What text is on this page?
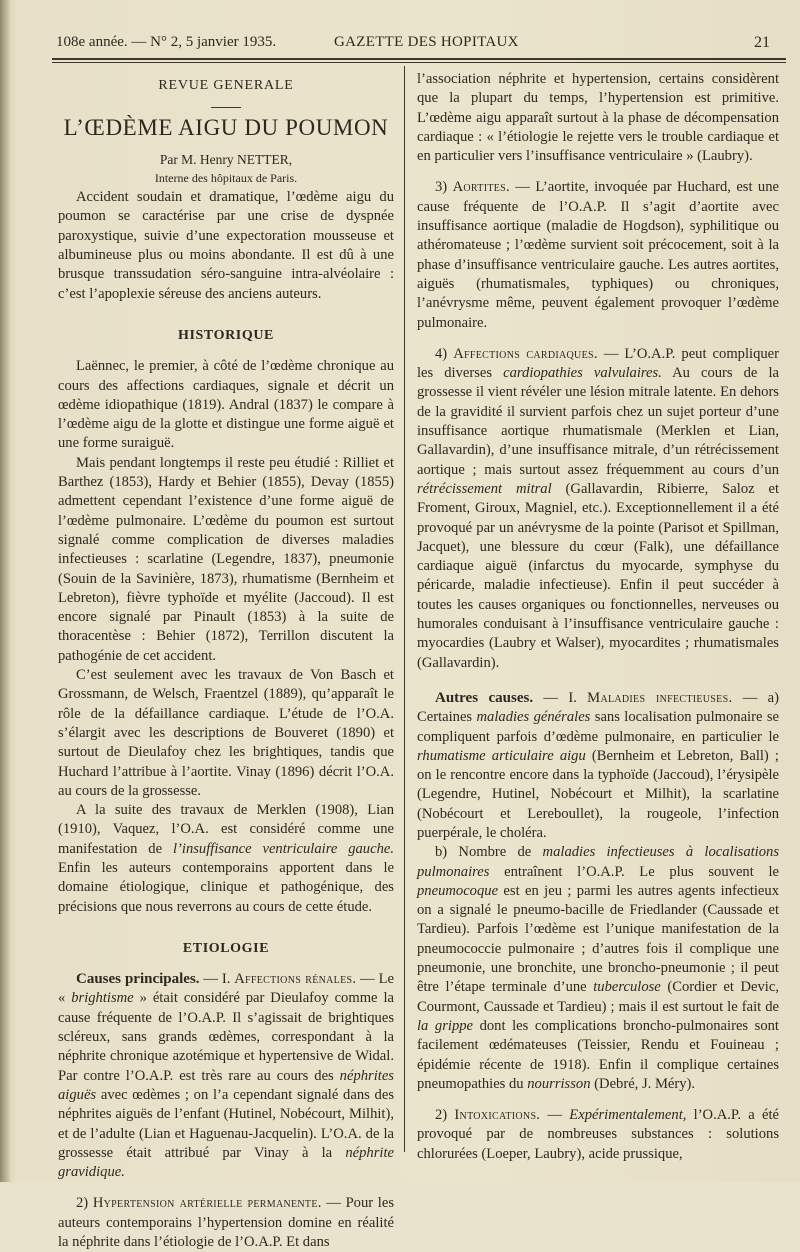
108e année. — N° 2, 5 janvier 1935.	GAZETTE DES HOPITAUX	21
REVUE GENERALE
L’ŒDÈME AIGU DU POUMON

Par M. Henry NETTER,

Interne des hôpitaux de Paris.

Accident soudain et dramatique, l’œdème aigu du poumon se caractérise par une crise de dyspnée paroxystique, suivie d’une expectoration mousseuse et albumineuse plus ou moins abondante. Il est dû à une brusque transsudation séro-sanguine intra-alvéolaire : c’est l’apoplexie séreuse des anciens auteurs.

HISTORIQUE

Laënnec, le premier, à côté de l’œdème chronique au cours des affections cardiaques, signale et décrit un œdème idiopathique (1819). Andral (1837) le compare à l’œdème aigu de la glotte et distingue une forme aiguë et une forme suraiguë.

Mais pendant longtemps il reste peu étudié : Rilliet et Barthez (1853), Hardy et Behier (1855), Devay (1855) admettent cependant l’existence d’une forme aiguë de l’œdème pulmonaire. L’œdème du poumon est surtout signalé comme complication de diverses maladies infectieuses : scarlatine (Legendre, 1837), pneumonie (Souin de la Savinière, 1873), rhumatisme (Bernheim et Lebreton), fièvre typhoïde et myélite (Jaccoud). Il est encore signalé par Pinault (1853) à la suite de thoracentèse : Behier (1872), Terrillon discutent la pathogénie de cet accident.

C’est seulement avec les travaux de Von Basch et Grossmann, de Welsch, Fraentzel (1889), qu’apparaît le rôle de la défaillance cardiaque. L’étude de l’O.A. s’élargit avec les descriptions de Bouveret (1890) et surtout de Dieulafoy chez les brightiques, tandis que Huchard l’attribue à l’aortite. Vinay (1896) décrit l’O.A. au cours de la grossesse.

A la suite des travaux de Merklen (1908), Lian (1910), Vaquez, l’O.A. est considéré comme une manifestation de l’insuffisance ventriculaire gauche. Enfin les auteurs contemporains apportent dans le domaine étiologique, clinique et pathogénique, des précisions que nous reverrons au cours de cette étude.

ETIOLOGIE

Causes principales. — I. Affections rénales. — Le « brightisme » était considéré par Dieulafoy comme la cause fréquente de l’O.A.P. Il s’agissait de brightiques scléreux, sans grands œdèmes, correspondant à la néphrite chronique azotémique et hypertensive de Widal. Par contre l’O.A.P. est très rare au cours des néphrites aiguës avec œdèmes ; on l’a cependant signalé dans des néphrites aiguës de l’enfant (Hutinel, Nobécourt, Milhit), et de l’adulte (Lian et Haguenau-Jacquelin). L’O.A. de la grossesse était attribué par Vinay à la néphrite gravidique.

2) Hypertension artérielle permanente. — Pour les auteurs contemporains l’hypertension domine en réalité la néphrite dans l’étiologie de l’O.A.P. Et dans

l’association néphrite et hypertension, certains considèrent que la plupart du temps, l’hypertension est primitive. L’œdème aigu apparaît surtout à la phase de décompensation cardiaque : « l’étiologie le rejette vers le trouble cardiaque et en particulier vers l’insuffisance ventriculaire » (Laubry).

3) Aortites. — L’aortite, invoquée par Huchard, est une cause fréquente de l’O.A.P. Il s’agit d’aortite avec insuffisance aortique (maladie de Hogdson), syphilitique ou athéromateuse ; l’œdème survient soit précocement, soit à la phase d’insuffisance ventriculaire gauche. Les autres aortites, aiguës (rhumatismales, typhiques) ou chroniques, l’anévrysme même, peuvent également provoquer l’œdème pulmonaire.

4) Affections cardiaques. — L’O.A.P. peut compliquer les diverses cardiopathies valvulaires. Au cours de la grossesse il vient révéler une lésion mitrale latente. En dehors de la gravidité il survient parfois chez un sujet porteur d’une insuffisance aortique rhumatismale (Merklen et Lian, Gallavardin), d’une insuffisance mitrale, d’un rétrécissement aortique ; mais surtout assez fréquemment au cours d’un rétrécissement mitral (Gallavardin, Ribierre, Saloz et Froment, Giroux, Magniel, etc.). Exceptionnellement il a été provoqué par un anévrysme de la pointe (Parisot et Spillman, Jacquet), une blessure du cœur (Falk), une défaillance cardiaque aiguë (infarctus du myocarde, symphyse du péricarde, maladie infectieuse). Enfin il peut succéder à toutes les causes organiques ou fonctionnelles, nerveuses ou humorales conduisant à l’insuffisance ventriculaire gauche : myocardies (Laubry et Walser), myocardites ; rhumatismales (Gallavardin).

Autres causes. — I. Maladies infectieuses. — a) Certaines maladies générales sans localisation pulmonaire se compliquent parfois d’œdème pulmonaire, en particulier le rhumatisme articulaire aigu (Bernheim et Lebreton, Ball) ; on le rencontre encore dans la typhoïde (Jaccoud), l’érysipèle (Legendre, Hutinel, Nobécourt et Milhit), la scarlatine (Nobécourt et Lereboullet), la rougeole, l’infection puerpérale, le choléra.

b) Nombre de maladies infectieuses à localisations pulmonaires entraînent l’O.A.P. Le plus souvent le pneumocoque est en jeu ; parmi les autres agents infectieux on a signalé le pneumo-bacille de Friedlander (Caussade et Tardieu). Parfois l’œdème est l’unique manifestation de la pneumococcie pulmonaire ; d’autres fois il complique une pneumonie, une bronchite, une broncho-pneumonie ; il peut être l’étape terminale d’une tuberculose (Cordier et Devic, Courmont, Caussade et Tardieu) ; mais il est surtout le fait de la grippe dont les complications broncho-pulmonaires sont facilement œdémateuses (Teissier, Rendu et Fouineau ; épidémie récente de 1918). Enfin il complique certaines pneumopathies du nourrisson (Debré, J. Méry).

2) Intoxications. — Expérimentalement, l’O.A.P. a été provoqué par de nombreuses substances : solutions chlorurées (Loeper, Laubry), acide prussique,
